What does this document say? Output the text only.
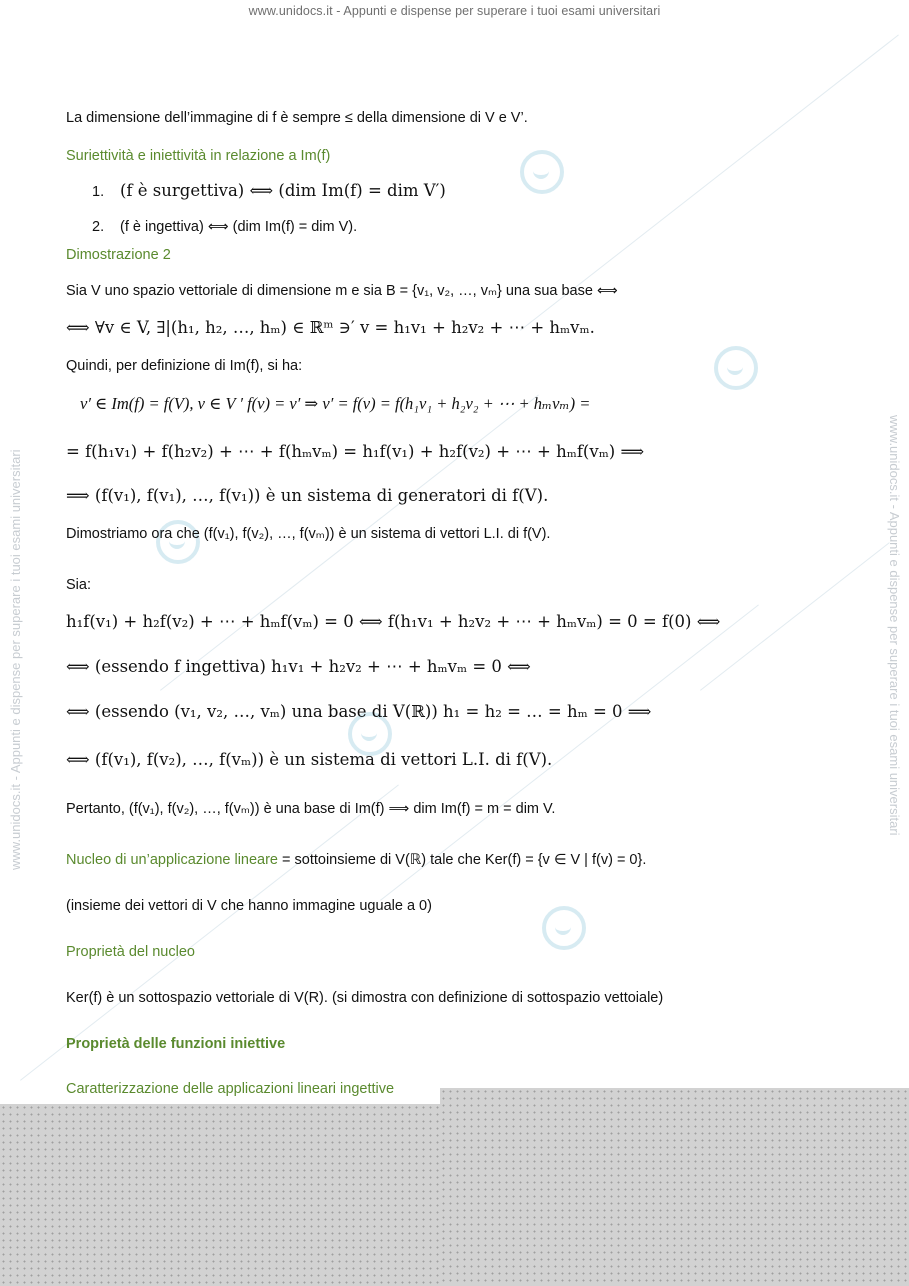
www.unidocs.it - Appunti e dispense per superare i tuoi esami universitari
www.unidocs.it - Appunti e dispense per superare i tuoi esami universitari	www.unidocs.it - Appunti e dispense per superare i tuoi esami universitari
La dimensione dell’immagine di f è sempre ≤ della dimensione di V e V’.
Suriettività e iniettività in relazione a Im(f)
1. (f è surgettiva) ⟺ (dim Im(f) = dim V′)
2. (f è ingettiva) ⟺ (dim Im(f) = dim V).
Dimostrazione 2
Sia V uno spazio vettoriale di dimensione m e sia B = {v₁, v₂, …, vₘ} una sua base ⟺
⟺ ∀v ∈ V, ∃|(h₁, h₂, …, hₘ) ∈ ℝᵐ ∋′ v = h₁v₁ + h₂v₂ + ⋯ + hₘvₘ.
Quindi, per definizione di Im(f), si ha:
v′ ∈ Im(f) = f(V), v ∈ V ′ f(v) = v′ ⇒ v′ = f(v) = f(h₁v₁ + h₂v₂ + ⋯ + hₘvₘ) =
= f(h₁v₁) + f(h₂v₂) + ⋯ + f(hₘvₘ) = h₁f(v₁) + h₂f(v₂) + ⋯ + hₘf(vₘ) ⟹
⟹ (f(v₁), f(v₁), …, f(v₁)) è un sistema di generatori di f(V).
Dimostriamo ora che (f(v₁), f(v₂), …, f(vₘ)) è un sistema di vettori L.I. di f(V).
Sia:
h₁f(v₁) + h₂f(v₂) + ⋯ + hₘf(vₘ) = 0 ⟺ f(h₁v₁ + h₂v₂ + ⋯ + hₘvₘ) = 0 = f(0) ⟺
⟺ (essendo f ingettiva) h₁v₁ + h₂v₂ + ⋯ + hₘvₘ = 0 ⟺
⟺ (essendo (v₁, v₂, …, vₘ) una base di V(ℝ)) h₁ = h₂ = … = hₘ = 0 ⟹
⟺ (f(v₁), f(v₂), …, f(vₘ)) è un sistema di vettori L.I. di f(V).
Pertanto, (f(v₁), f(v₂), …, f(vₘ)) è una base di Im(f) ⟹ dim Im(f) = m = dim V.
Nucleo di un’applicazione lineare = sottoinsieme di V(ℝ) tale che Ker(f) = {v ∈ V | f(v) = 0}.
(insieme dei vettori di V che hanno immagine uguale a 0)
Proprietà del nucleo
Ker(f) è un sottospazio vettoriale di V(R). (si dimostra con definizione di sottospazio vettoiale)
Proprietà delle funzioni iniettive
Caratterizzazione delle applicazioni lineari ingettive
